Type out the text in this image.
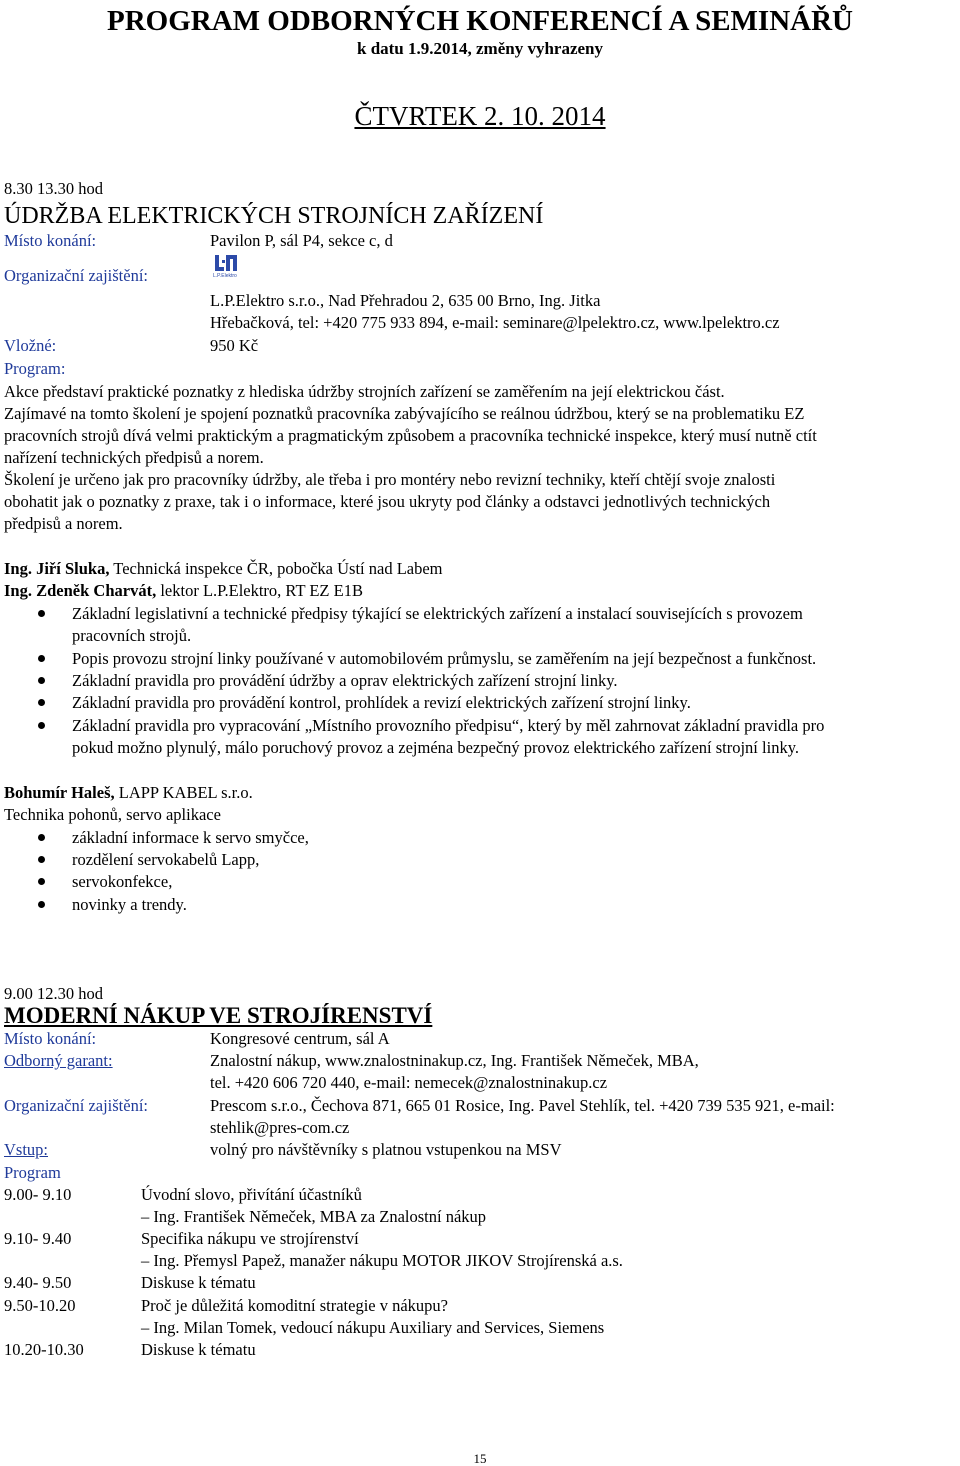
PROGRAM ODBORNÝCH KONFERENCÍ A SEMINÁŘŮ
k datu 1.9.2014, změny vyhrazeny
ČTVRTEK 2. 10. 2014
8.30 13.30 hod
ÚDRŽBA ELEKTRICKÝCH STROJNÍCH ZAŘÍZENÍ
Místo konání:	Pavilon P, sál P4, sekce c, d
Organizační zajištění:	L.P.Elektro
L.P.Elektro s.r.o., Nad Přehradou 2, 635 00 Brno, Ing. Jitka
Hřebačková, tel: +420 775 933 894, e-mail: seminare@lpelektro.cz, www.lpelektro.cz
Vložné:	950 Kč
Program:
Akce představí praktické poznatky z hlediska údržby strojních zařízení se zaměřením na její elektrickou část.
Zajímavé na tomto školení je spojení poznatků pracovníka zabývajícího se reálnou údržbou, který se na problematiku EZ
pracovních strojů dívá velmi praktickým a pragmatickým způsobem a pracovníka technické inspekce, který musí nutně ctít
nařízení technických předpisů a norem.
Školení je určeno jak pro pracovníky údržby, ale třeba i pro montéry nebo revizní techniky, kteří chtějí svoje znalosti
obohatit jak o poznatky z praxe, tak i o informace, které jsou ukryty pod články a odstavci jednotlivých technických
předpisů a norem.
Ing. Jiří Sluka, Technická inspekce ČR, pobočka Ústí nad Labem
Ing. Zdeněk Charvát, lektor L.P.Elektro, RT EZ E1B
Základní legislativní a technické předpisy týkající se elektrických zařízení a instalací souvisejících s provozem
pracovních strojů.
Popis provozu strojní linky používané v automobilovém průmyslu, se zaměřením na její bezpečnost a funkčnost.
Základní pravidla pro provádění údržby a oprav elektrických zařízení strojní linky.
Základní pravidla pro provádění kontrol, prohlídek a revizí elektrických zařízení strojní linky.
Základní pravidla pro vypracování „Místního provozního předpisu“, který by měl zahrnovat základní pravidla pro
pokud možno plynulý, málo poruchový provoz a zejména bezpečný provoz elektrického zařízení strojní linky.
Bohumír Haleš, LAPP KABEL s.r.o.
Technika pohonů, servo aplikace
základní informace k servo smyčce,
rozdělení servokabelů Lapp,
servokonfekce,
novinky a trendy.
9.00 12.30 hod
MODERNÍ NÁKUP VE STROJÍRENSTVÍ
Místo konání:	Kongresové centrum, sál A
Odborný garant:	Znalostní nákup, www.znalostninakup.cz, Ing. František Němeček, MBA,
tel. +420 606 720 440, e-mail: nemecek@znalostninakup.cz
Organizační zajištění:	Prescom s.r.o., Čechova 871, 665 01 Rosice, Ing. Pavel Stehlík, tel. +420 739 535 921, e-mail:
stehlik@pres-com.cz
Vstup:	volný pro návštěvníky s platnou vstupenkou na MSV
Program
9.00- 9.10	Úvodní slovo, přivítání účastníků
– Ing. František Němeček, MBA za Znalostní nákup
9.10- 9.40	Specifika nákupu ve strojírenství
– Ing. Přemysl Papež, manažer nákupu MOTOR JIKOV Strojírenská a.s.
9.40- 9.50	Diskuse k tématu
9.50-10.20	Proč je důležitá komoditní strategie v nákupu?
– Ing. Milan Tomek, vedoucí nákupu Auxiliary and Services, Siemens
10.20-10.30	Diskuse k tématu
15
